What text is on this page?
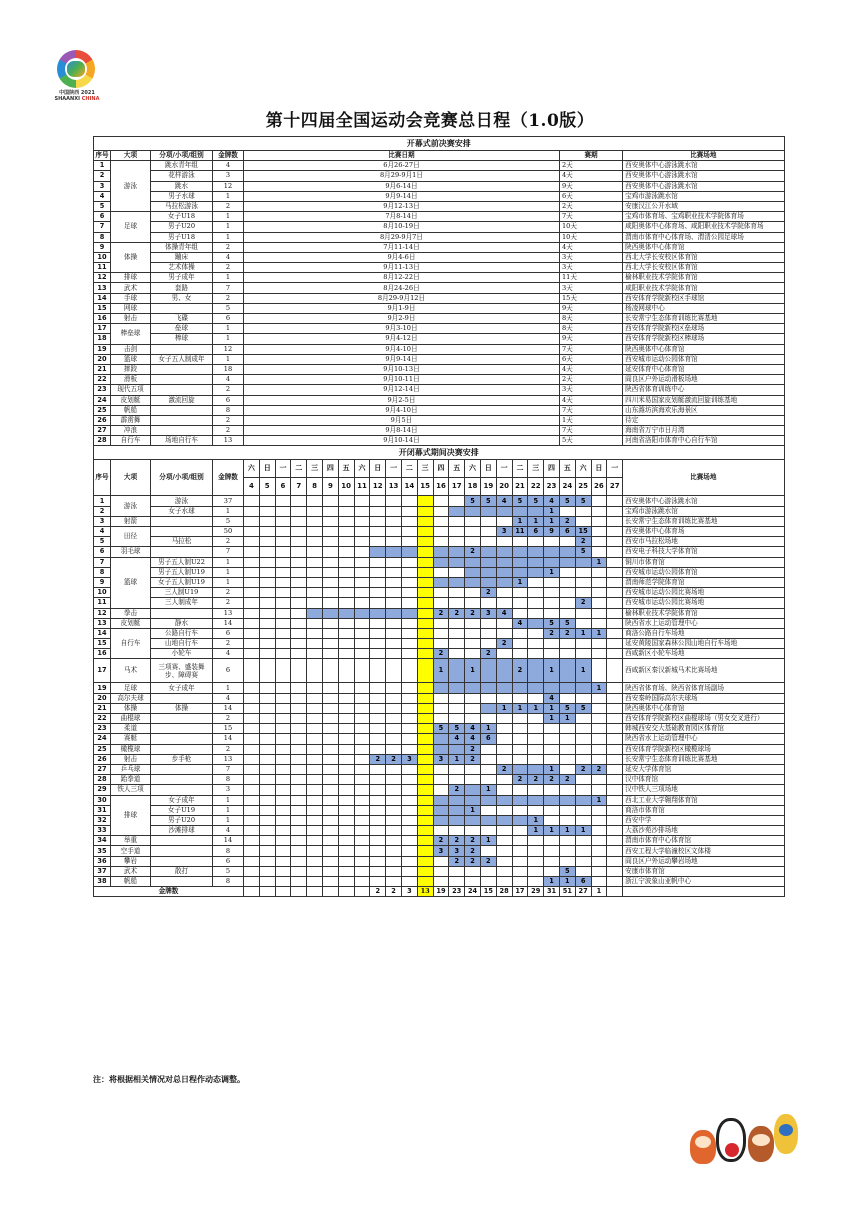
中国陕西 2021
SHAANXI CHINA
第十四届全国运动会竞赛总日程（1.0版）
开幕式前决赛安排																												
序号	大项	分项/小项/组别	金牌数	比赛日期																				赛期				比赛场地
1	游泳	跳水青年组	4	6月26-27日																				2天				西安奥体中心游泳跳水馆
2		花样游泳	3	8月29-9月1日																				4天				西安奥体中心游泳跳水馆
3		跳水	12	9月6-14日																				9天				西安奥体中心游泳跳水馆
4		男子水球	1	9月9-14日																				6天				宝鸡市游泳跳水馆
5		马拉松游泳	2	9月12-13日																				2天				安康汉江公开水域
6	足球	女子U18	1	7月8-14日																				7天				宝鸡市体育场、宝鸡职业技术学院体育场
7		男子U20	1	8月10-19日																				10天				咸阳奥体中心体育场、咸阳职业技术学院体育场
8		男子U18	1	8月29-9月7日																				10天				渭南市体育中心体育场、渭清公园足球场
9	体操	体操青年组	2	7月11-14日																				4天				陕西奥体中心体育馆
10		蹦床	4	9月4-6日																				3天				西北大学长安校区体育馆
11		艺术体操	2	9月11-13日																				3天				西北大学长安校区体育馆
12	排球	男子成年	1	8月12-22日																				11天				榆林职业技术学院体育馆
13	武术	套路	7	8月24-26日																				3天				咸阳职业技术学院体育馆
14	手球	男、女	2	8月29-9月12日																				15天				西安体育学院新校区手球馆
15	网球		5	9月1-9日																				9天				杨凌网球中心
16	射击	飞碟	6	9月2-9日																				8天				长安常宁生态体育训练比赛基地
17	棒垒球	垒球	1	9月3-10日																				8天				西安体育学院新校区垒球场
18		棒球	1	9月4-12日																				9天				西安体育学院新校区棒球场
19	击剑		12	9月4-10日																				7天				陕西奥体中心体育馆
20	篮球	女子五人制成年	1	9月9-14日																				6天				西安城市运动公园体育馆
21	摔跤		18	9月10-13日																				4天				延安体育中心体育馆
22	滑板		4	9月10-11日																				2天				阎良区户外运动滑板场地
23	现代五项		2	9月12-14日																				3天				陕西省体育训练中心
24	皮划艇	激流回旋	6	9月2-5日																				4天				四川米易国家皮划艇激流回旋训练基地
25	帆船		8	9月4-10日																				7天				山东潍坊滨海欢乐海景区
26	霹雳舞		2	9月5日																				1天				待定
27	冲浪		2	9月8-14日																				7天				海南省万宁市日月湾
28	自行车	场地自行车	13	9月10-14日																				5天				河南省洛阳市体育中心自行车馆
开闭幕式期间决赛安排																												
序号	大项	分项/小项/组别	金牌数	六	日	一	二	三	四	五	六	日	一	二	三	四	五	六	日	一	二	三	四	五	六	日	一	比赛场地
				4	5	6	7	8	9	10	11	12	13	14	15	16	17	18	19	20	21	22	23	24	25	26	27	
1	游泳	游泳	37															5	5	4	5	5	4	5	5			西安奥体中心游泳跳水馆
2		女子水球	1																				1					宝鸡市游泳跳水馆
3	射箭		5																		1	1	1	2				长安常宁生态体育训练比赛基地
4	田径		50																	3	11	6	9	6	15			西安奥体中心体育场
5		马拉松	2																						2			西安市马拉松场地
6	羽毛球		7															2							5			西安电子科技大学体育馆
7	篮球	男子五人制U22	1																							1		铜川市体育馆
8		男子五人制U19	1																				1					西安城市运动公园体育馆
9		女子五人制U19	1																		1							渭南师范学院体育馆
10		三人制U19	2																2									西安城市运动公园比赛场地
11		三人制成年	2																						2			西安城市运动公园比赛场地
12	拳击		13													2	2	2	3	4								榆林职业技术学院体育馆
13	皮划艇	静水	14																		4		5	5				陕西省水上运动管理中心
14	自行车	公路自行车	6																				2	2	1	1		商洛公路自行车场地
15		山地自行车	2																	2								延安黄陵国家森林公园山地自行车场地
16		小轮车	4													2			2									西咸新区小轮车场地
17	马术	三项赛、盛装舞步、障碍赛	6													1		1			2		1		1			西咸新区秦汉新城马术比赛场地
19	足球	女子成年	1																							1		陕西省体育场、陕西省体育场副场
20	高尔夫球		4																				4					西安秦岭国际高尔夫球场
21	体操	体操	14																	1	1	1	1	5	5			陕西奥体中心体育馆
22	曲棍球		2																				1	1				西安体育学院新校区曲棍球场（男女交叉进行）
23	柔道		15													5	5	4	1									韩城西安交大基础教育园区体育馆
24	赛艇		14														4	4	6									陕西省水上运动管理中心
25	橄榄球		2															2										西安体育学院新校区橄榄球场
26	射击	步手枪	13									2	2	3		3	1	2										长安常宁生态体育训练比赛基地
27	乒乓球		7																	2			1		2	2		延安大学体育馆
28	跆拳道		8																		2	2	2	2				汉中体育馆
29	铁人三项		3														2		1									汉中铁人三项场地
30	排球	女子成年	1																							1		西北工业大学翱翔体育馆
31		女子U19	1															1										商洛市体育馆
32		男子U20	1																			1						西安中学
33		沙滩排球	4																			1	1	1	1			大荔沙苑沙排场地
34	举重		14													2	2	2	1									渭南市体育中心体育馆
35	空手道		8													3	3	2										西安工程大学临潼校区文体楼
36	攀岩		6														2	2	2									阎良区户外运动攀岩场地
37	武术	散打	5																					5				安康市体育馆
38	帆船		8																				1	1	6			浙江宁波象山亚帆中心
金牌数												2	2	3	13	19	23	24	15	28	17	29	31	51	27	1		
注：将根据相关情况对总日程作动态调整。
